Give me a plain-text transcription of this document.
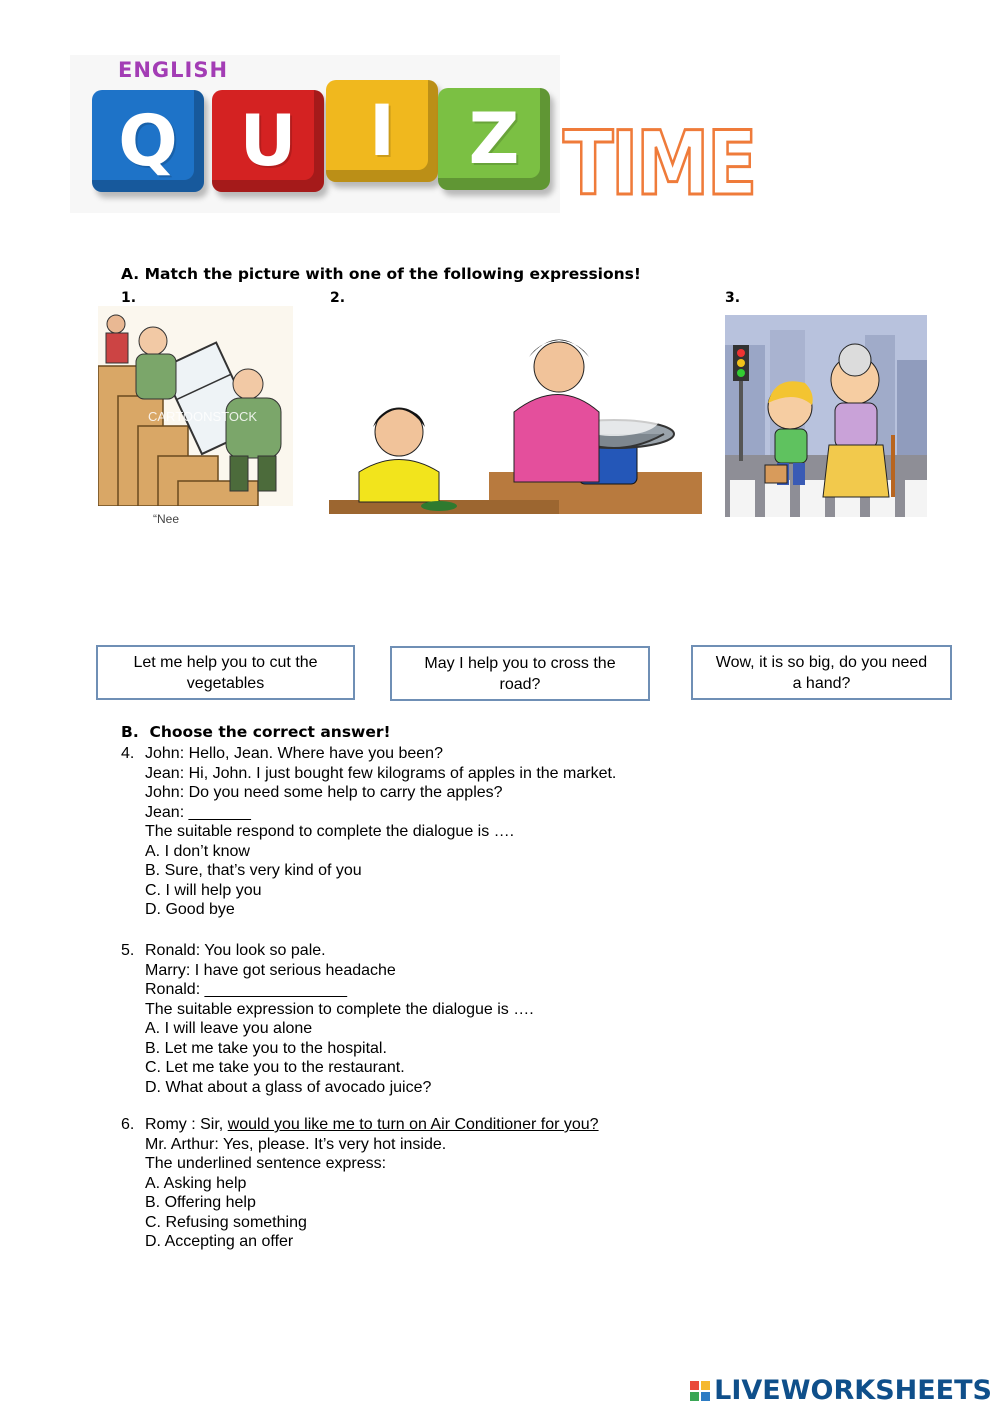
ENGLISH
Q U I Z TIME
A. Match the picture with one of the following expressions!
1.	2.	3.
CARTOONSTOCK
“Nee
Let me help you to cut the vegetables
May I help you to cross the road?
Wow, it is so big, do you need a hand?
B.  Choose the correct answer!
4. John: Hello, Jean. Where have you been?
Jean: Hi, John. I just bought few kilograms of apples in the market.
John: Do you need some help to carry the apples?
Jean: _______
The suitable respond to complete the dialogue is ….
A. I don’t know
B. Sure, that’s very kind of you
C. I will help you
D. Good bye
5. Ronald: You look so pale.
Marry: I have got serious headache
Ronald: ________________
The suitable expression to complete the dialogue is ….
A. I will leave you alone
B. Let me take you to the hospital.
C. Let me take you to the restaurant.
D. What about a glass of avocado juice?
6. Romy : Sir, would you like me to turn on Air Conditioner for you?
Mr. Arthur: Yes, please. It’s very hot inside.
The underlined sentence express:
A. Asking help
B. Offering help
C. Refusing something
D. Accepting an offer
LIVEWORKSHEETS
